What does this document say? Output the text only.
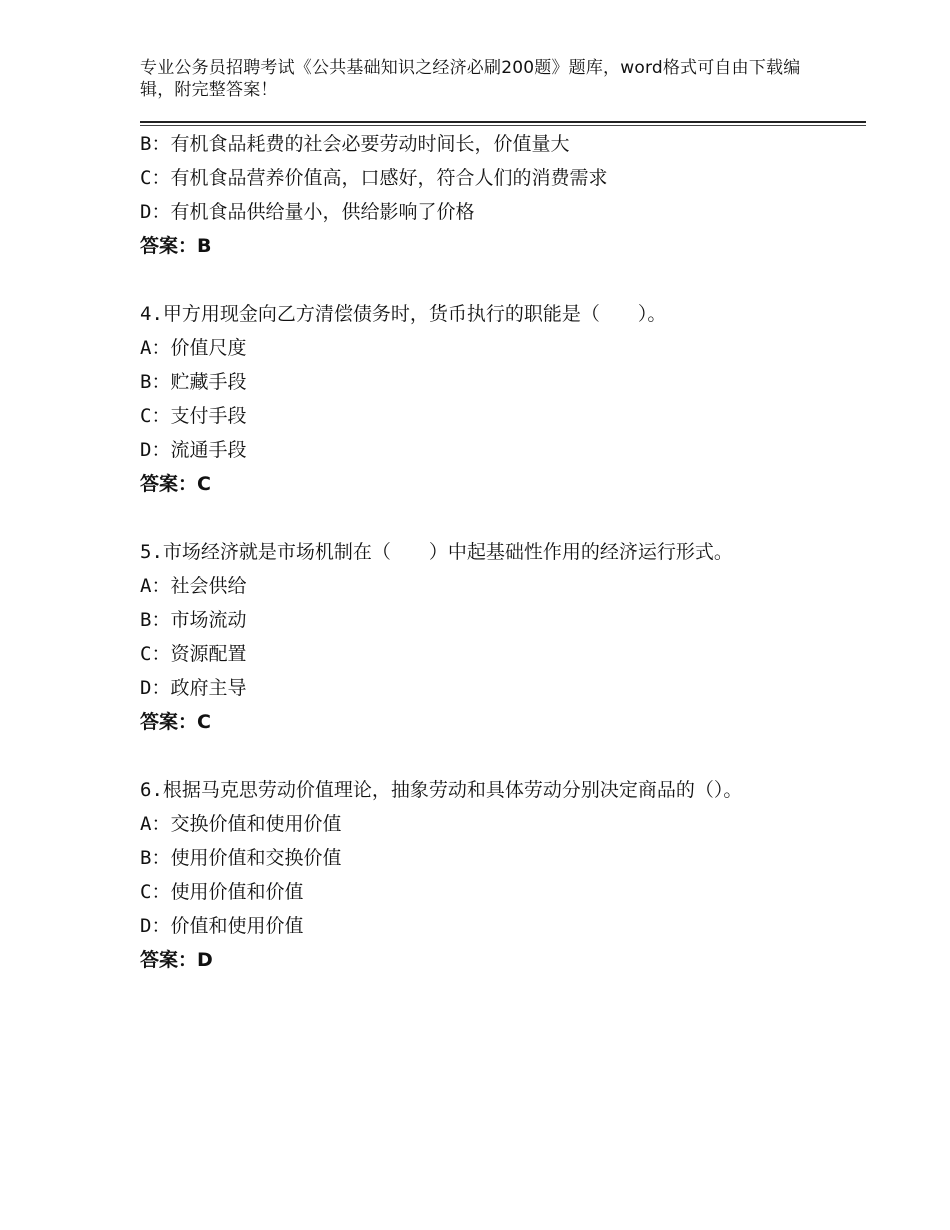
专业公务员招聘考试《公共基础知识之经济必刷200题》题库，word格式可自由下载编辑，附完整答案！
B：有机食品耗费的社会必要劳动时间长，价值量大
C：有机食品营养价值高，口感好，符合人们的消费需求
D：有机食品供给量小，供给影响了价格
答案：B
4.甲方用现金向乙方清偿债务时，货币执行的职能是（　　）。
A：价值尺度
B：贮藏手段
C：支付手段
D：流通手段
答案：C
5.市场经济就是市场机制在（　　）中起基础性作用的经济运行形式。
A：社会供给
B：市场流动
C：资源配置
D：政府主导
答案：C
6.根据马克思劳动价值理论，抽象劳动和具体劳动分别决定商品的（）。
A：交换价值和使用价值
B：使用价值和交换价值
C：使用价值和价值
D：价值和使用价值
答案：D
